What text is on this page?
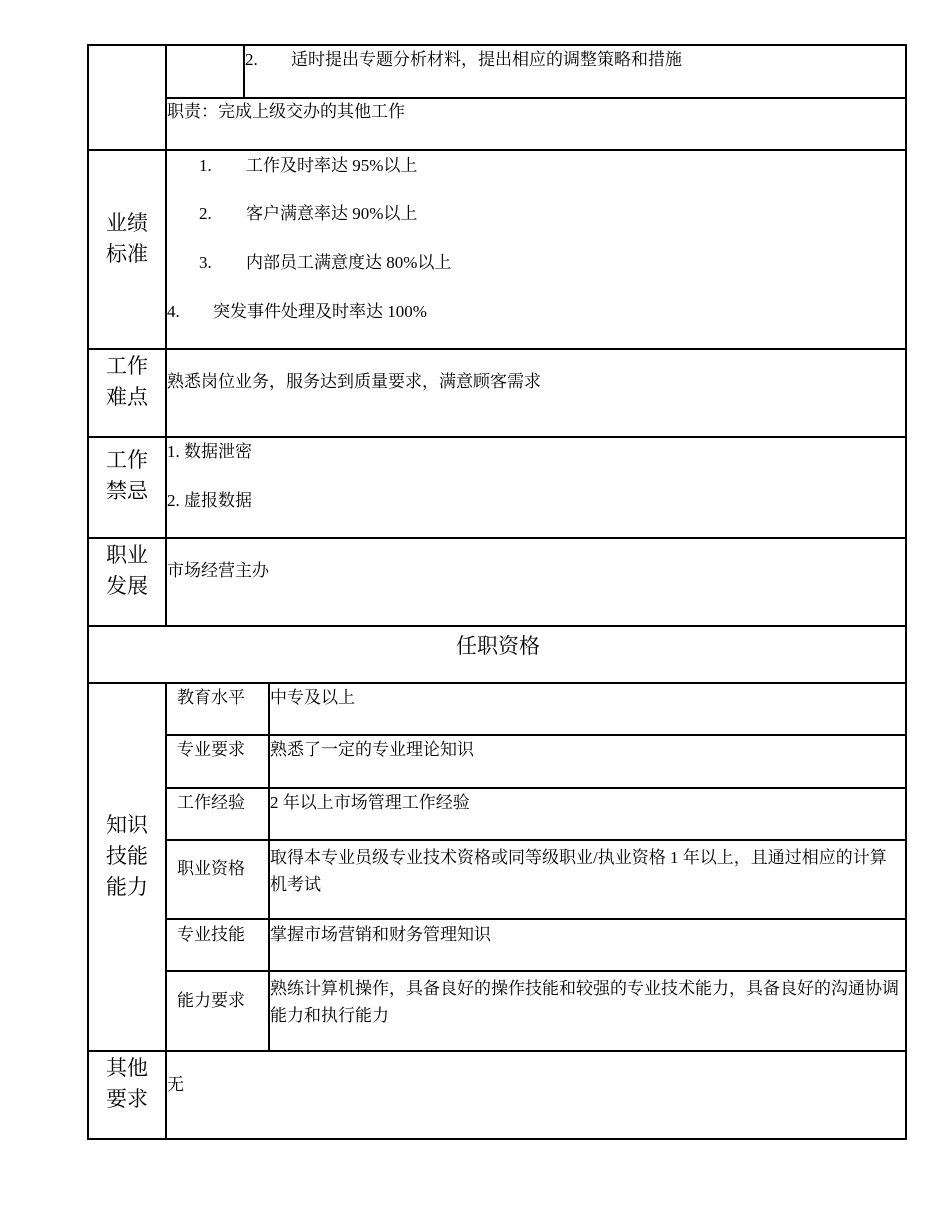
2. 适时提出专题分析材料，提出相应的调整策略和措施
职责：完成上级交办的其他工作
业绩
标准
1. 工作及时率达 95%以上
2. 客户满意率达 90%以上
3. 内部员工满意度达 80%以上
4. 突发事件处理及时率达 100%
工作
难点
熟悉岗位业务，服务达到质量要求，满意顾客需求
工作
禁忌
1. 数据泄密
2. 虚报数据
职业
发展
市场经营主办
任职资格
知识
技能
能力
教育水平 中专及以上
专业要求 熟悉了一定的专业理论知识
工作经验 2 年以上市场管理工作经验
职业资格
取得本专业员级专业技术资格或同等级职业/执业资格 1 年以上，且通过相应的计算机考试
专业技能 掌握市场营销和财务管理知识
能力要求
熟练计算机操作，具备良好的操作技能和较强的专业技术能力，具备良好的沟通协调能力和执行能力
其他
要求
无
